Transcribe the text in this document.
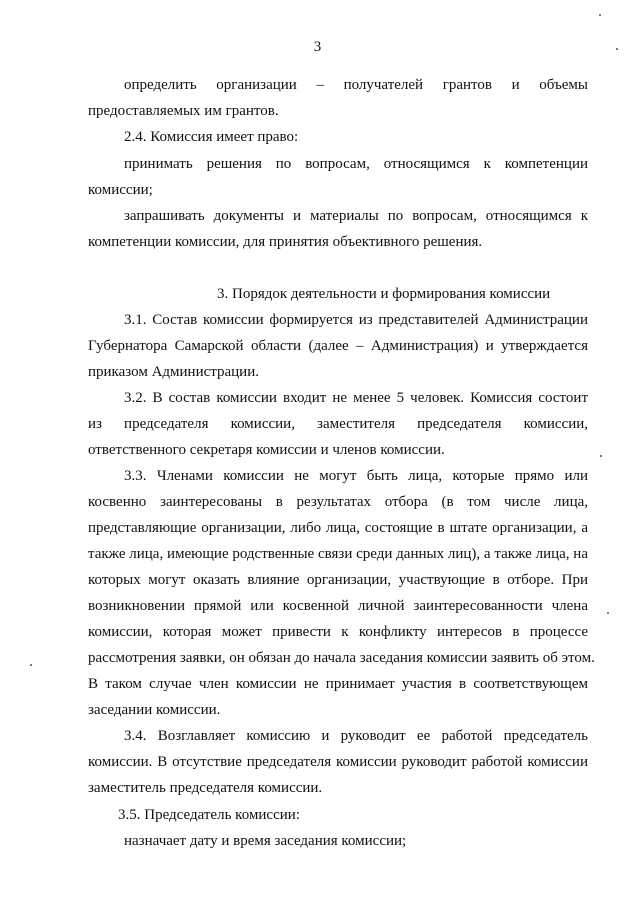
3
определить организации – получателей грантов и объемы
предоставляемых им грантов.
2.4. Комиссия имеет право:
принимать решения по вопросам, относящимся к компетенции
комиссии;
запрашивать документы и материалы по вопросам, относящимся к
компетенции комиссии, для принятия объективного решения.
3. Порядок деятельности и формирования комиссии
3.1. Состав комиссии формируется из представителей Администрации
Губернатора Самарской области (далее – Администрация) и утверждается
приказом Администрации.
3.2. В состав комиссии входит не менее 5 человек. Комиссия состоит
из председателя комиссии, заместителя председателя комиссии,
ответственного секретаря комиссии и членов комиссии.
3.3. Членами комиссии не могут быть лица, которые прямо или
косвенно заинтересованы в результатах отбора (в том числе лица,
представляющие организации, либо лица, состоящие в штате организации, а
также лица, имеющие родственные связи среди данных лиц), а также лица, на
которых могут оказать влияние организации, участвующие в отборе. При
возникновении прямой или косвенной личной заинтересованности члена
комиссии, которая может привести к конфликту интересов в процессе
рассмотрения заявки, он обязан до начала заседания комиссии заявить об этом.
В таком случае член комиссии не принимает участия в соответствующем
заседании комиссии.
3.4. Возглавляет комиссию и руководит ее работой председатель
комиссии. В отсутствие председателя комиссии руководит работой комиссии
заместитель председателя комиссии.
3.5. Председатель комиссии:
назначает дату и время заседания комиссии;
